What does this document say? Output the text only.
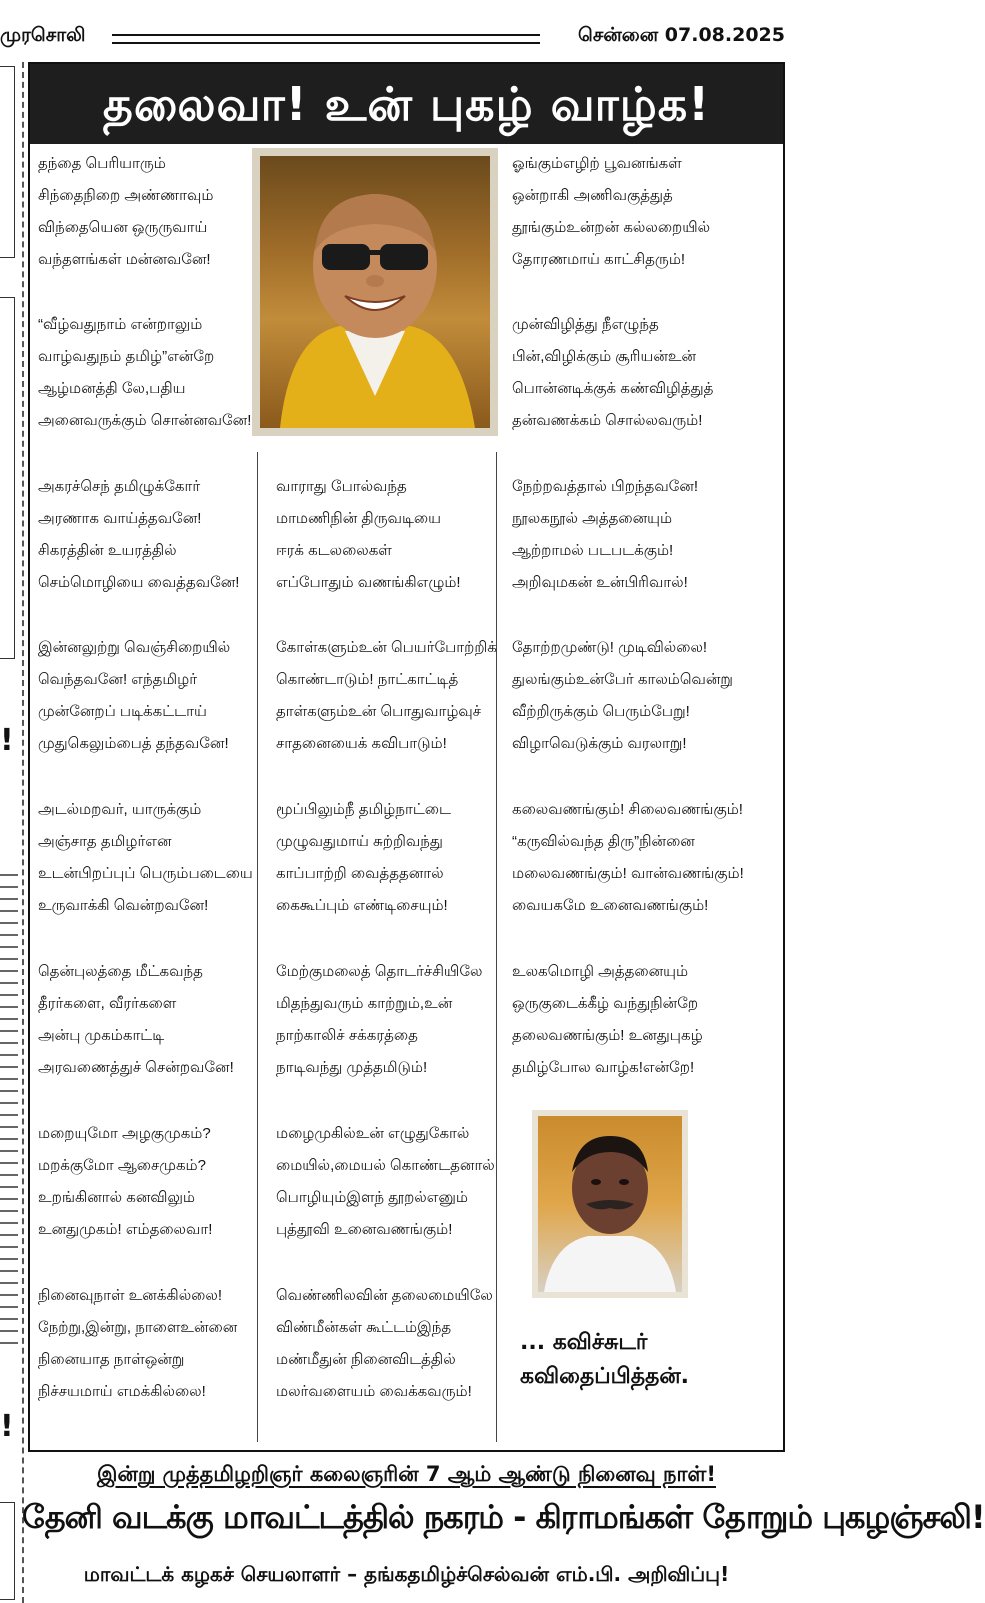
முரசொலி	சென்னை 07.08.2025
!
!
தலைவா! உன் புகழ் வாழ்க!
தந்தை பெரியாரும்
சிந்தைநிறை அண்ணாவும்
விந்தையென ஒருருவாய்
வந்தளங்கள் மன்னவனே!
“வீழ்வதுநாம் என்றாலும்
வாழ்வதுநம் தமிழ்”என்றே
ஆழ்மனத்தி லே,பதிய
அனைவருக்கும் சொன்னவனே!
ஓங்கும்எழிற் பூவனங்கள்
ஒன்றாகி அணிவகுத்துத்
தூங்கும்உன்றன் கல்லறையில்
தோரணமாய் காட்சிதரும்!
முன்விழித்து நீஎழுந்த
பின்,விழிக்கும் சூரியன்உன்
பொன்னடிக்குக் கண்விழித்துத்
தன்வணக்கம் சொல்லவரும்!
அகரச்செந் தமிழுக்கோர்
அரணாக வாய்த்தவனே!
சிகரத்தின் உயரத்தில்
செம்மொழியை வைத்தவனே!
இன்னலுற்று வெஞ்சிறையில்
வெந்தவனே! எந்தமிழர்
முன்னேறப் படிக்கட்டாய்
முதுகெலும்பைத் தந்தவனே!
அடல்மறவர், யாருக்கும்
அஞ்சாத தமிழர்என
உடன்பிறப்புப் பெரும்படையை
உருவாக்கி வென்றவனே!
தென்புலத்தை மீட்கவந்த
தீரர்களை, வீரர்களை
அன்பு முகம்காட்டி
அரவணைத்துச் சென்றவனே!
மறையுமோ அழகுமுகம்?
மறக்குமோ ஆசைமுகம்?
உறங்கினால் கனவிலும்
உனதுமுகம்! எம்தலைவா!
நினைவுநாள் உனக்கில்லை!
நேற்று,இன்று, நாளைஉன்னை
நினையாத நாள்ஒன்று
நிச்சயமாய் எமக்கில்லை!
வாராது போல்வந்த
மாமணிநின் திருவடியை
ஈரக் கடலலைகள்
எப்போதும் வணங்கிஎழும்!
கோள்களும்உன் பெயர்போற்றிக்
கொண்டாடும்! நாட்காட்டித்
தாள்களும்உன் பொதுவாழ்வுச்
சாதனையைக் கவிபாடும்!
மூப்பிலும்நீ தமிழ்நாட்டை
முழுவதுமாய் சுற்றிவந்து
காப்பாற்றி வைத்ததனால்
கைகூப்பும் எண்டிசையும்!
மேற்குமலைத் தொடர்ச்சியிலே
மிதந்துவரும் காற்றும்,உன்
நாற்காலிச் சக்கரத்தை
நாடிவந்து முத்தமிடும்!
மழைமுகில்உன் எழுதுகோல்
மையில்,மையல் கொண்டதனால்
பொழியும்இளந் தூறல்எனும்
புத்தூவி உனைவணங்கும்!
வெண்ணிலவின் தலைமையிலே
விண்மீன்கள் கூட்டம்இந்த
மண்மீதுன் நினைவிடத்தில்
மலர்வளையம் வைக்கவரும்!
நேற்றவத்தால் பிறந்தவனே!
நூலகநூல் அத்தனையும்
ஆற்றாமல் படபடக்கும்!
அறிவுமகன் உன்பிரிவால்!
தோற்றமுண்டு! முடிவில்லை!
துலங்கும்உன்பேர் காலம்வென்று
வீற்றிருக்கும் பெரும்பேறு!
விழாவெடுக்கும் வரலாறு!
கலைவணங்கும்! சிலைவணங்கும்!
“கருவில்வந்த திரு”நின்னை
மலைவணங்கும்! வான்வணங்கும்!
வையகமே உனைவணங்கும்!
உலகமொழி அத்தனையும்
ஒருகுடைக்கீழ் வந்துநின்றே
தலைவணங்கும்! உனதுபுகழ்
தமிழ்போல வாழ்க!என்றே!
... கவிச்சுடர்
கவிதைப்பித்தன்.
இன்று முத்தமிழறிஞர் கலைஞரின் 7 ஆம் ஆண்டு நினைவு நாள்!
தேனி வடக்கு மாவட்டத்தில் நகரம் - கிராமங்கள் தோறும் புகழஞ்சலி!
மாவட்டக் கழகச் செயலாளர் – தங்கதமிழ்ச்செல்வன் எம்.பி. அறிவிப்பு!
